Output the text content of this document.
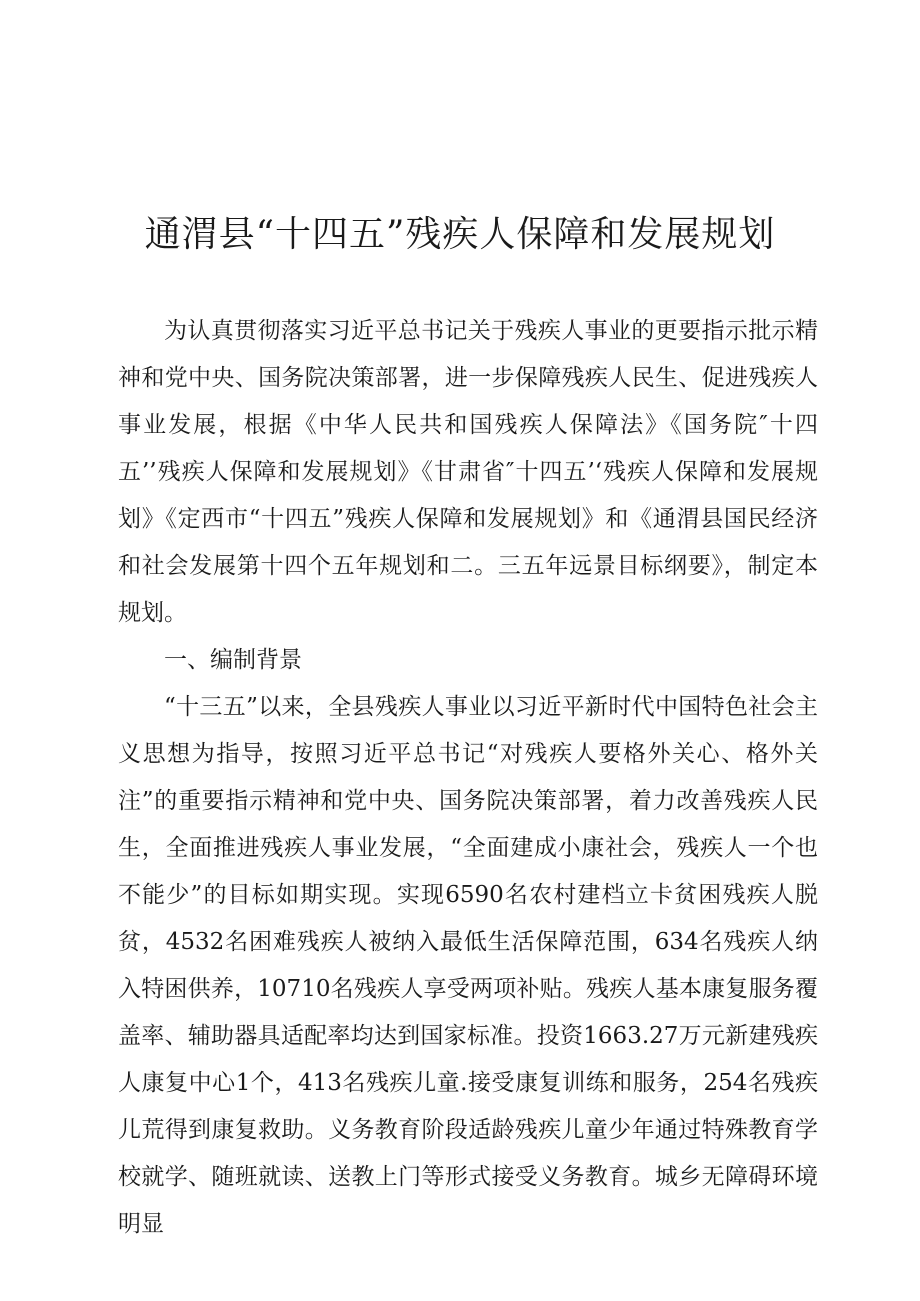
通渭县“十四五”残疾人保障和发展规划

为认真贯彻落实习近平总书记关于残疾人事业的更要指示批示精神和党中央、国务院决策部署，进一步保障残疾人民生、促进残疾人事业发展，根据《中华人民共和国残疾人保障法》《国务院″十四五’’残疾人保障和发展规划》《甘肃省″十四五’‘残疾人保障和发展规划》《定西市“十四五”残疾人保障和发展规划》和《通渭县国民经济和社会发展第十四个五年规划和二。三五年远景目标纲要》，制定本规划。

一、编制背景

“十三五”以来，全县残疾人事业以习近平新时代中国特色社会主义思想为指导，按照习近平总书记“对残疾人要格外关心、格外关注”的重要指示精神和党中央、国务院决策部署，着力改善残疾人民生，全面推进残疾人事业发展，“全面建成小康社会，残疾人一个也不能少”的目标如期实现。实现6590名农村建档立卡贫困残疾人脱贫，4532名困难残疾人被纳入最低生活保障范围，634名残疾人纳入特困供养，10710名残疾人享受两项补贴。残疾人基本康复服务覆盖率、辅助器具适配率均达到国家标准。投资1663.27万元新建残疾人康复中心1个，413名残疾儿童.接受康复训练和服务，254名残疾儿荒得到康复救助。义务教育阶段适龄残疾儿童少年通过特殊教育学校就学、随班就读、送教上门等形式接受义务教育。城乡无障碍环境明显
